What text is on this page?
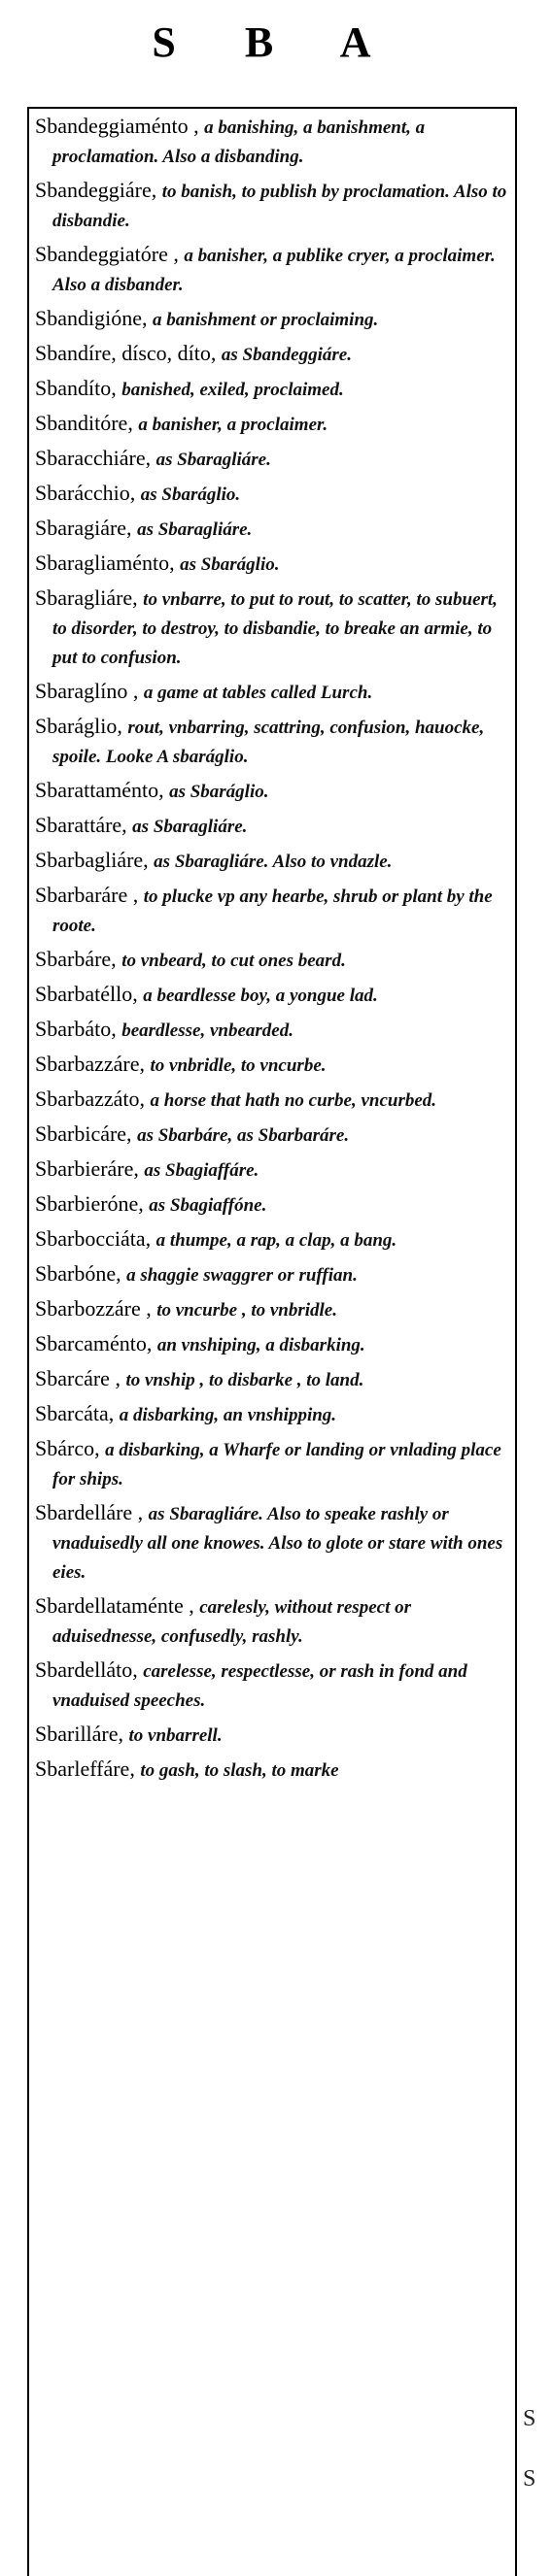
S B A
S
S
Sbandeggiaménto , a banishing, a banishment, a proclamation. Also a disbanding.
Sbandeggiáre, to banish, to publish by proclamation. Also to disbandie.
Sbandeggiatóre , a banisher, a publike cryer, a proclaimer. Also a disbander.
Sbandigióne, a banishment or proclaiming.
Sbandíre, dísco, díto, as Sbandeggiáre.
Sbandíto, banished, exiled, proclaimed.
Sbanditóre, a banisher, a proclaimer.
Sbaracchiáre, as Sbaragliáre.
Sbarácchio, as Sbaráglio.
Sbaragiáre, as Sbaragliáre.
Sbaragliaménto, as Sbaráglio.
Sbaragliáre, to vnbarre, to put to rout, to scatter, to subuert, to disorder, to destroy, to disbandie, to breake an armie, to put to confusion.
Sbaraglíno , a game at tables called Lurch.
Sbaráglio, rout, vnbarring, scattring, confusion, hauocke, spoile. Looke A sbaráglio.
Sbarattaménto, as Sbaráglio.
Sbarattáre, as Sbaragliáre.
Sbarbagliáre, as Sbaragliáre. Also to vndazle.
Sbarbaráre , to plucke vp any hearbe, shrub or plant by the roote.
Sbarbáre, to vnbeard, to cut ones beard.
Sbarbatéllo, a beardlesse boy, a yongue lad.
Sbarbáto, beardlesse, vnbearded.
Sbarbazzáre, to vnbridle, to vncurbe.
Sbarbazzáto, a horse that hath no curbe, vncurbed.
Sbarbicáre, as Sbarbáre, as Sbarbaráre.
Sbarbieráre, as Sbagiaffáre.
Sbarbieróne, as Sbagiaffóne.
Sbarbocciáta, a thumpe, a rap, a clap, a bang.
Sbarbóne, a shaggie swaggrer or ruffian.
Sbarbozzáre , to vncurbe , to vnbridle.
Sbarcaménto, an vnshiping, a disbarking.
Sbarcáre , to vnship , to disbarke , to land.
Sbarcáta, a disbarking, an vnshipping.
Sbárco, a disbarking, a Wharfe or landing or vnlading place for ships.
Sbardelláre , as Sbaragliáre. Also to speake rashly or vnaduisedly all one knowes. Also to glote or stare with ones eies.
Sbardellataménte , carelesly, without respect or aduisednesse, confusedly, rashly.
Sbardelláto, carelesse, respectlesse, or rash in fond and vnaduised speeches.
Sbarilláre, to vnbarrell.
Sbarleffáre, to gash, to slash, to marke
